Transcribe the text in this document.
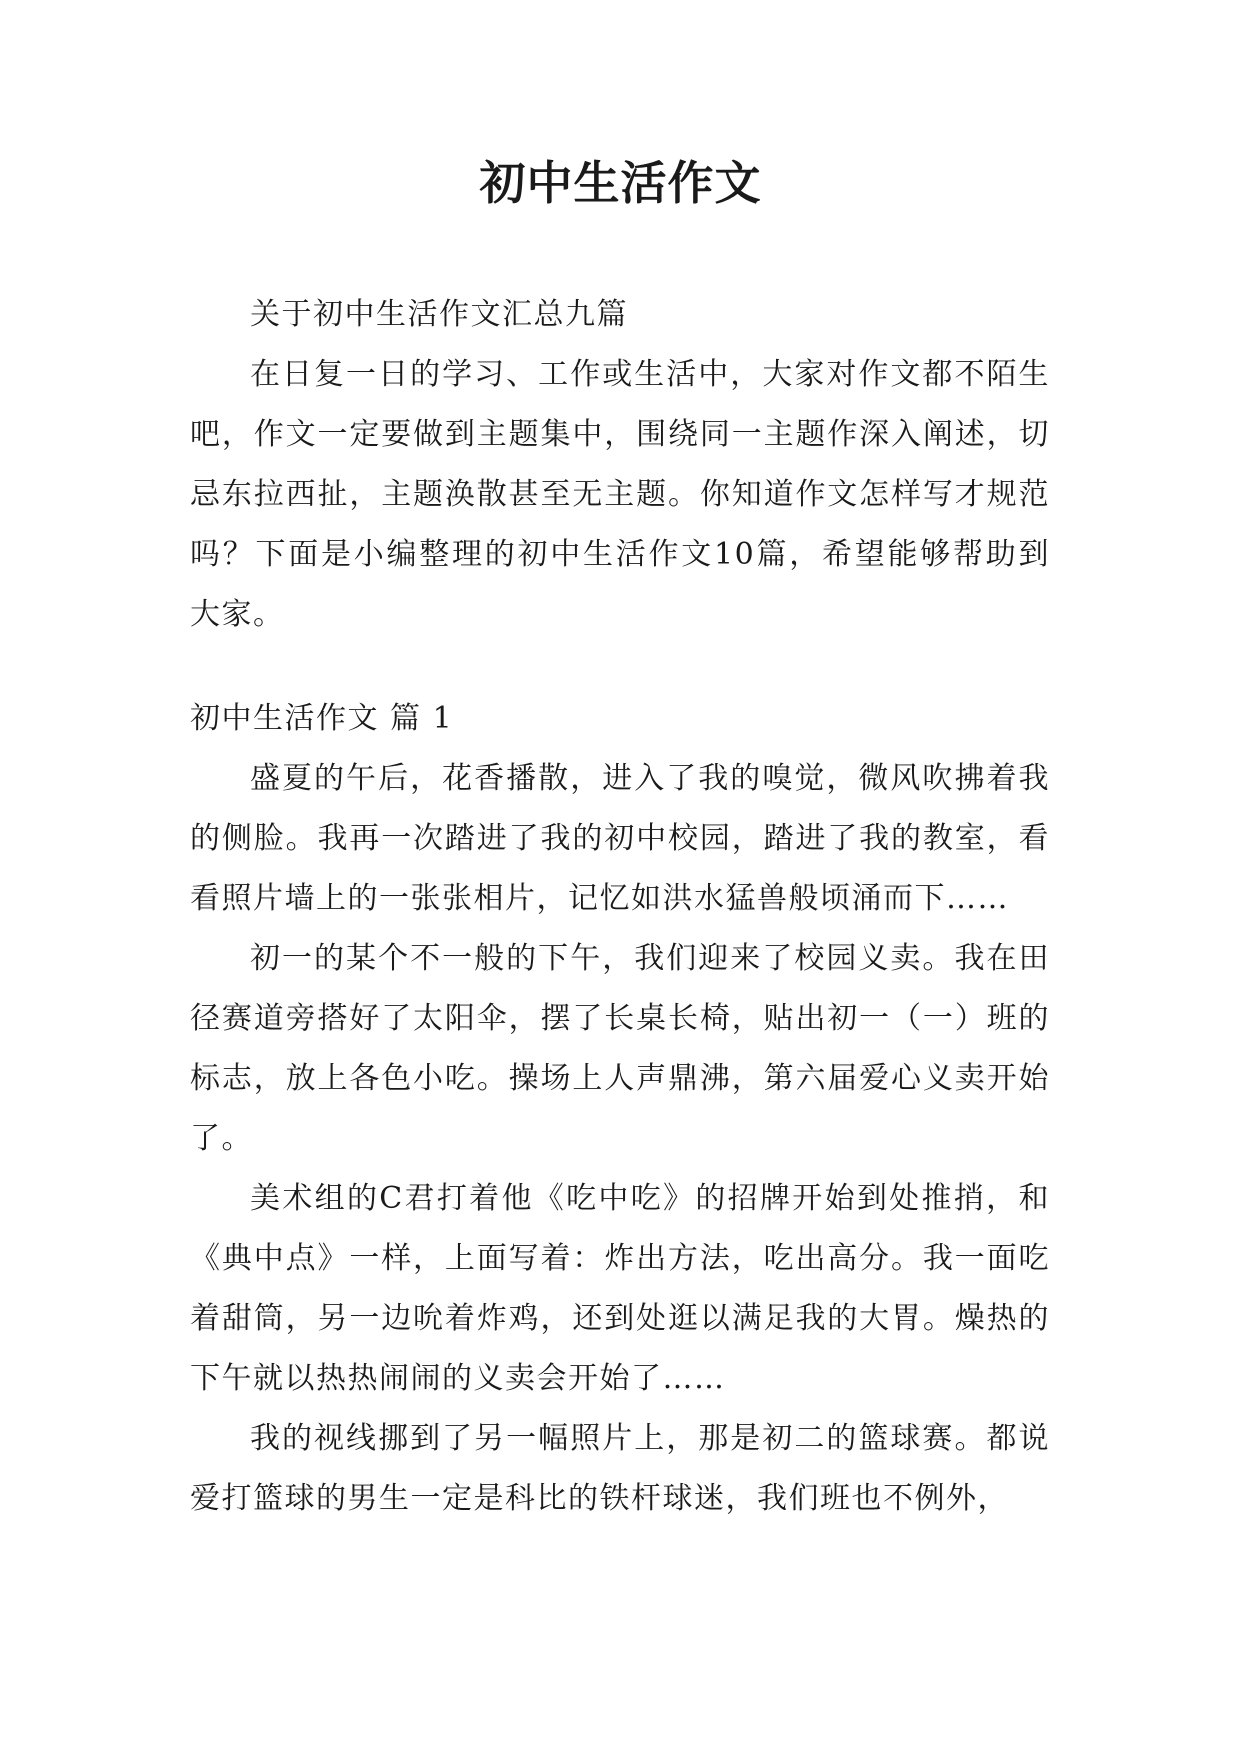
初中生活作文

关于初中生活作文汇总九篇

在日复一日的学习、工作或生活中，大家对作文都不陌生吧，作文一定要做到主题集中，围绕同一主题作深入阐述，切忌东拉西扯，主题涣散甚至无主题。你知道作文怎样写才规范吗？下面是小编整理的初中生活作文10篇，希望能够帮助到大家。

初中生活作文 篇 1

盛夏的午后，花香播散，进入了我的嗅觉，微风吹拂着我的侧脸。我再一次踏进了我的初中校园，踏进了我的教室，看看照片墙上的一张张相片，记忆如洪水猛兽般顷涌而下……

初一的某个不一般的下午，我们迎来了校园义卖。我在田径赛道旁搭好了太阳伞，摆了长桌长椅，贴出初一（一）班的标志，放上各色小吃。操场上人声鼎沸，第六届爱心义卖开始了。

美术组的C君打着他《吃中吃》的招牌开始到处推捎，和《典中点》一样，上面写着：炸出方法，吃出高分。我一面吃着甜筒，另一边吮着炸鸡，还到处逛以满足我的大胃。燥热的下午就以热热闹闹的义卖会开始了……

我的视线挪到了另一幅照片上，那是初二的篮球赛。都说爱打篮球的男生一定是科比的铁杆球迷，我们班也不例外，
